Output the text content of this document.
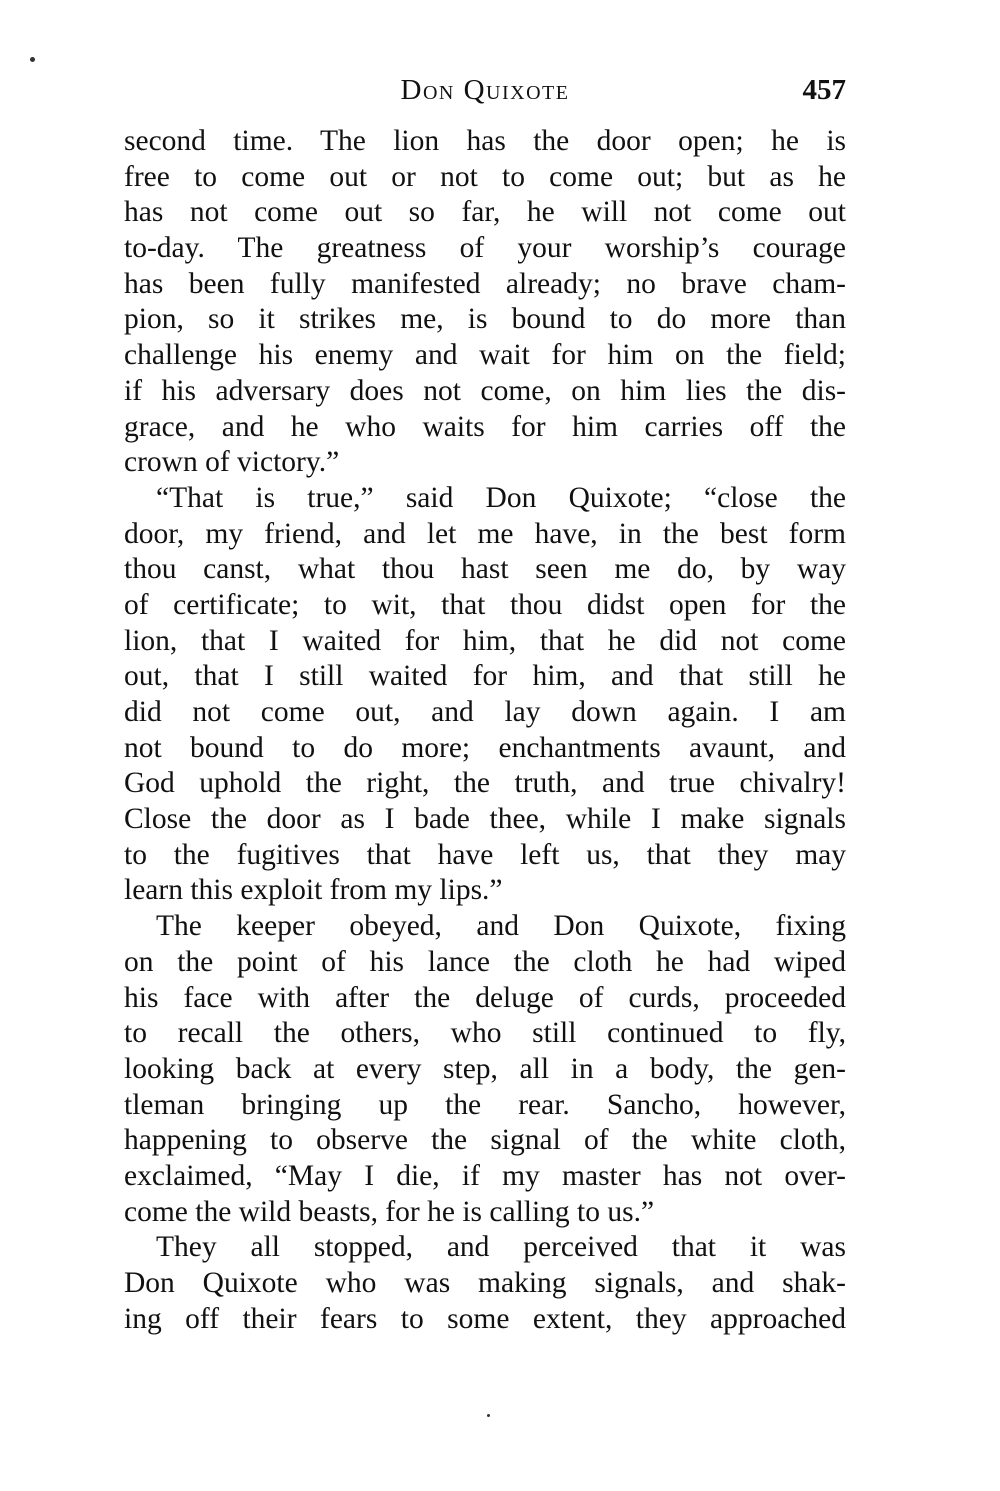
Don Quixote	457
second time. The lion has the door open; he is
free to come out or not to come out; but as he
has not come out so far, he will not come out
to-day. The greatness of your worship’s courage
has been fully manifested already; no brave cham-
pion, so it strikes me, is bound to do more than
challenge his enemy and wait for him on the field;
if his adversary does not come, on him lies the dis-
grace, and he who waits for him carries off the
crown of victory.”
“That is true,” said Don Quixote; “close the
door, my friend, and let me have, in the best form
thou canst, what thou hast seen me do, by way
of certificate; to wit, that thou didst open for the
lion, that I waited for him, that he did not come
out, that I still waited for him, and that still he
did not come out, and lay down again. I am
not bound to do more; enchantments avaunt, and
God uphold the right, the truth, and true chivalry!
Close the door as I bade thee, while I make signals
to the fugitives that have left us, that they may
learn this exploit from my lips.”
The keeper obeyed, and Don Quixote, fixing
on the point of his lance the cloth he had wiped
his face with after the deluge of curds, proceeded
to recall the others, who still continued to fly,
looking back at every step, all in a body, the gen-
tleman bringing up the rear. Sancho, however,
happening to observe the signal of the white cloth,
exclaimed, “May I die, if my master has not over-
come the wild beasts, for he is calling to us.”
They all stopped, and perceived that it was
Don Quixote who was making signals, and shak-
ing off their fears to some extent, they approached
